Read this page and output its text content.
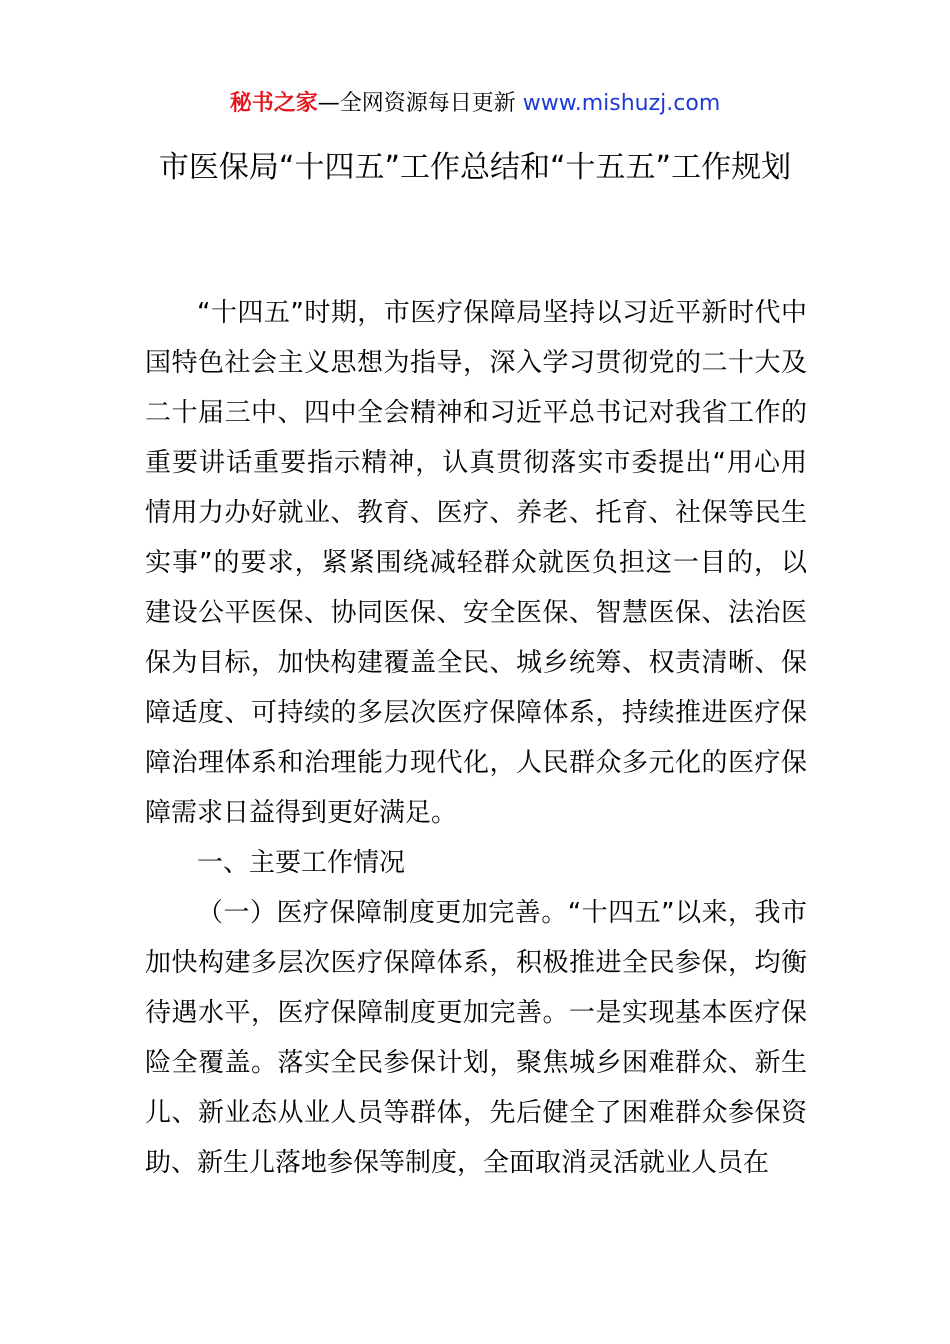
秘书之家—全网资源每日更新 www.mishuzj.com
市医保局“十四五”工作总结和“十五五”工作规划

“十四五”时期，市医疗保障局坚持以习近平新时代中国特色社会主义思想为指导，深入学习贯彻党的二十大及二十届三中、四中全会精神和习近平总书记对我省工作的重要讲话重要指示精神，认真贯彻落实市委提出“用心用情用力办好就业、教育、医疗、养老、托育、社保等民生实事”的要求，紧紧围绕减轻群众就医负担这一目的，以建设公平医保、协同医保、安全医保、智慧医保、法治医保为目标，加快构建覆盖全民、城乡统筹、权责清晰、保障适度、可持续的多层次医疗保障体系，持续推进医疗保障治理体系和治理能力现代化，人民群众多元化的医疗保障需求日益得到更好满足。

一、主要工作情况

（一）医疗保障制度更加完善。“十四五”以来，我市加快构建多层次医疗保障体系，积极推进全民参保，均衡待遇水平，医疗保障制度更加完善。一是实现基本医疗保险全覆盖。落实全民参保计划，聚焦城乡困难群众、新生儿、新业态从业人员等群体，先后健全了困难群众参保资助、新生儿落地参保等制度，全面取消灵活就业人员在
